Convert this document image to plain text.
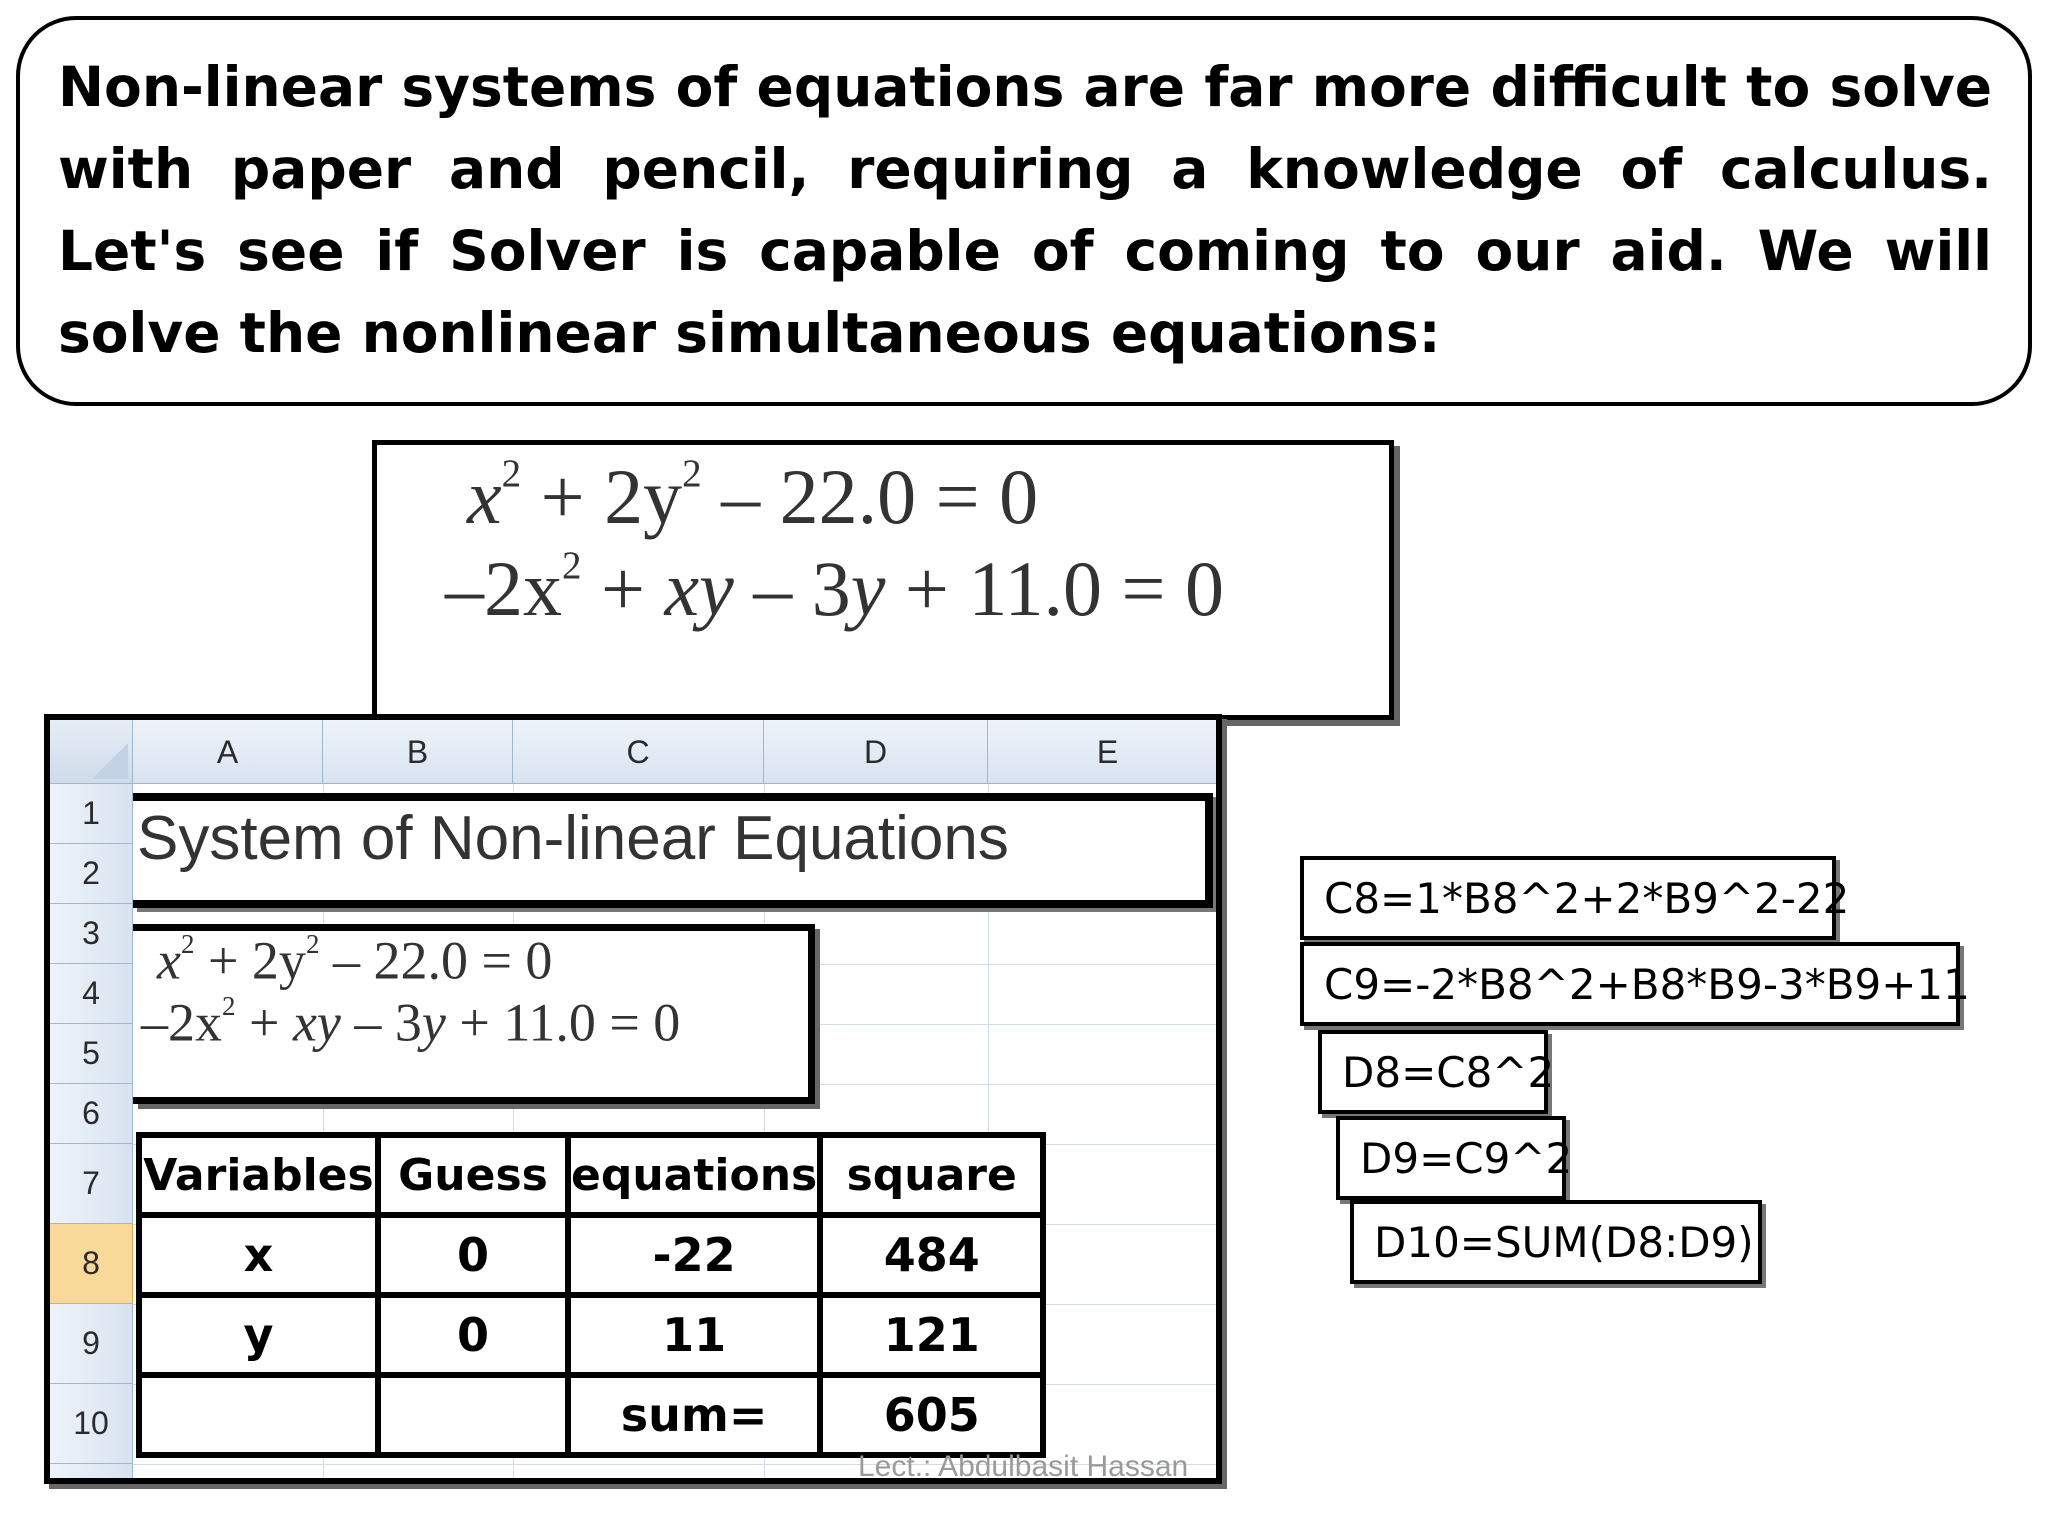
Non-linear systems of equations are far more difficult to solve with paper and pencil, requiring a knowledge of calculus. Let's see if Solver is capable of coming to our aid. We will solve the nonlinear simultaneous equations:

$x^2 + 2y^2 - 22.0 = 0$
$-2x^2$ + xy – 3y + 11.0 = 0
A	B	C	D	E
1
2
3
4
5
6
7
8
9
10
System of Non-linear Equations
$x^2 + 2y^2 - 22.0 = 0$
$-2x^2$ + xy – 3y + 11.0 = 0
Variables	Guess	equations	square
x	0	-22	484
y	0	11	121
		sum=	605
Lect.: Abdulbasit Hassan
C8=1*B8^2+2*B9^2-22
C9=-2*B8^2+B8*B9-3*B9+11
D8=C8^2
D9=C9^2
D10=SUM(D8:D9)
